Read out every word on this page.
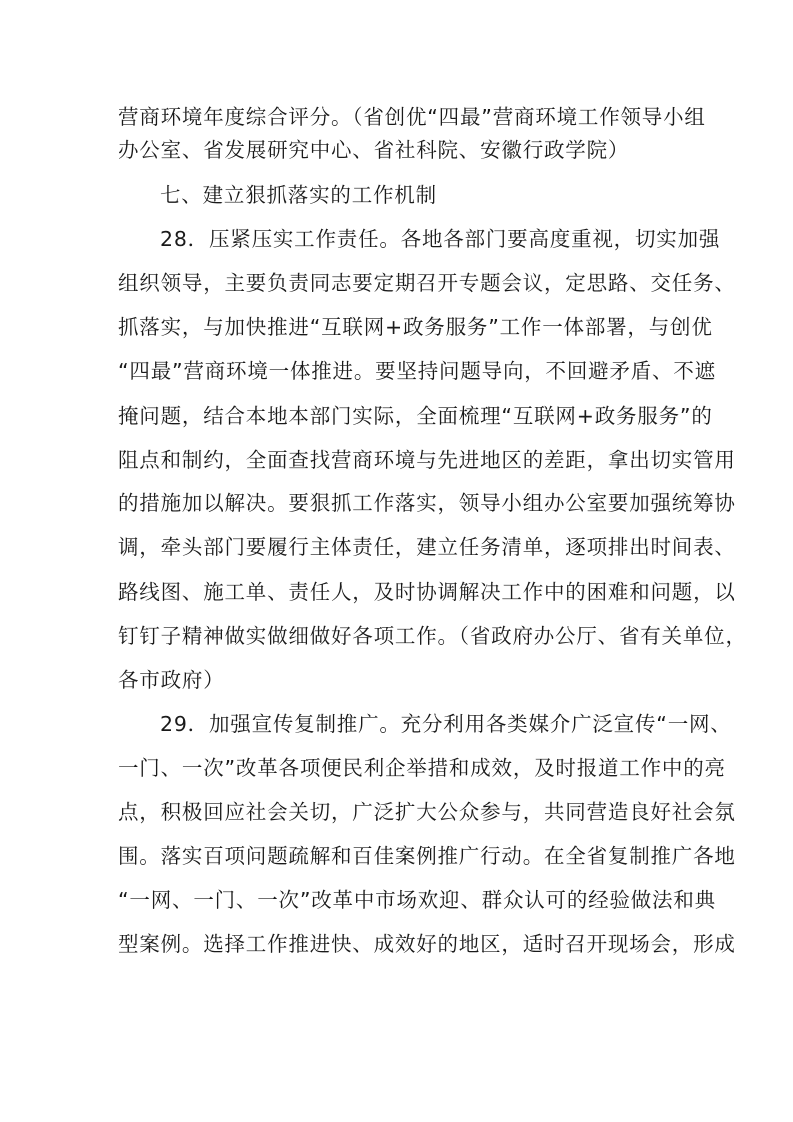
营商环境年度综合评分。（省创优“四最”营商环境工作领导小组
办公室、省发展研究中心、省社科院、安徽行政学院）
七、建立狠抓落实的工作机制
28．压紧压实工作责任。各地各部门要高度重视，切实加强
组织领导，主要负责同志要定期召开专题会议，定思路、交任务、
抓落实，与加快推进“互联网+政务服务”工作一体部署，与创优
“四最”营商环境一体推进。要坚持问题导向，不回避矛盾、不遮
掩问题，结合本地本部门实际，全面梳理“互联网+政务服务”的
阻点和制约，全面查找营商环境与先进地区的差距，拿出切实管用
的措施加以解决。要狠抓工作落实，领导小组办公室要加强统筹协
调，牵头部门要履行主体责任，建立任务清单，逐项排出时间表、
路线图、施工单、责任人，及时协调解决工作中的困难和问题，以
钉钉子精神做实做细做好各项工作。（省政府办公厅、省有关单位，
各市政府）
29．加强宣传复制推广。充分利用各类媒介广泛宣传“一网、
一门、一次”改革各项便民利企举措和成效，及时报道工作中的亮
点，积极回应社会关切，广泛扩大公众参与，共同营造良好社会氛
围。落实百项问题疏解和百佳案例推广行动。在全省复制推广各地
“一网、一门、一次”改革中市场欢迎、群众认可的经验做法和典
型案例。选择工作推进快、成效好的地区，适时召开现场会，形成
